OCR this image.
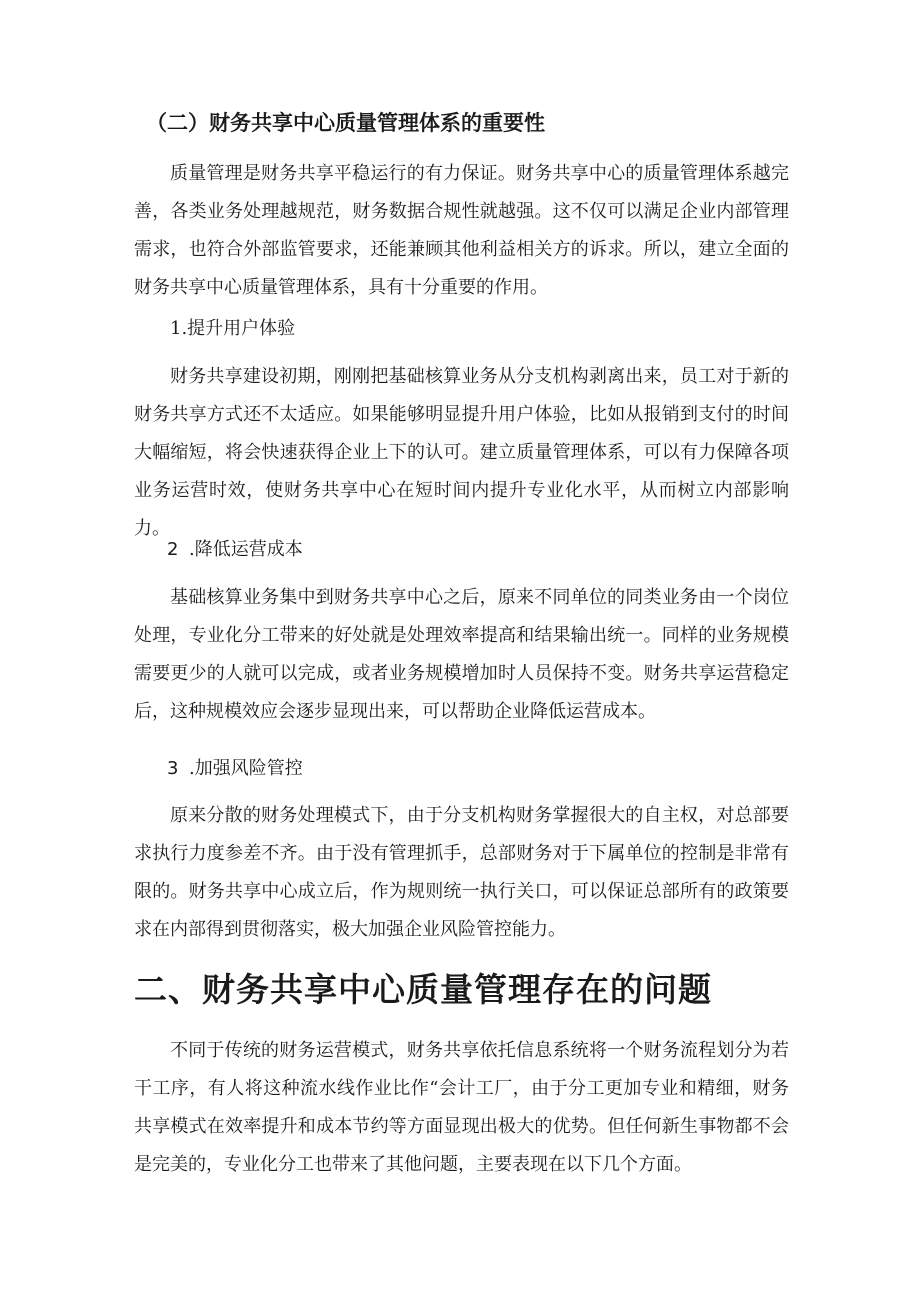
（二）财务共享中心质量管理体系的重要性

质量管理是财务共享平稳运行的有力保证。财务共享中心的质量管理体系越完善，各类业务处理越规范，财务数据合规性就越强。这不仅可以满足企业内部管理需求，也符合外部监管要求，还能兼顾其他利益相关方的诉求。所以，建立全面的财务共享中心质量管理体系，具有十分重要的作用。

1.提升用户体验

财务共享建设初期，刚刚把基础核算业务从分支机构剥离出来，员工对于新的财务共享方式还不太适应。如果能够明显提升用户体验，比如从报销到支付的时间大幅缩短，将会快速获得企业上下的认可。建立质量管理体系，可以有力保障各项业务运营时效，使财务共享中心在短时间内提升专业化水平，从而树立内部影响力。

2 .降低运营成本

基础核算业务集中到财务共享中心之后，原来不同单位的同类业务由一个岗位处理，专业化分工带来的好处就是处理效率提高和结果输出统一。同样的业务规模需要更少的人就可以完成，或者业务规模增加时人员保持不变。财务共享运营稳定后，这种规模效应会逐步显现出来，可以帮助企业降低运营成本。

3 .加强风险管控

原来分散的财务处理模式下，由于分支机构财务掌握很大的自主权，对总部要求执行力度参差不齐。由于没有管理抓手，总部财务对于下属单位的控制是非常有限的。财务共享中心成立后，作为规则统一执行关口，可以保证总部所有的政策要求在内部得到贯彻落实，极大加强企业风险管控能力。

二、财务共享中心质量管理存在的问题

不同于传统的财务运营模式，财务共享依托信息系统将一个财务流程划分为若干工序，有人将这种流水线作业比作“会计工厂，由于分工更加专业和精细，财务共享模式在效率提升和成本节约等方面显现出极大的优势。但任何新生事物都不会是完美的，专业化分工也带来了其他问题，主要表现在以下几个方面。
